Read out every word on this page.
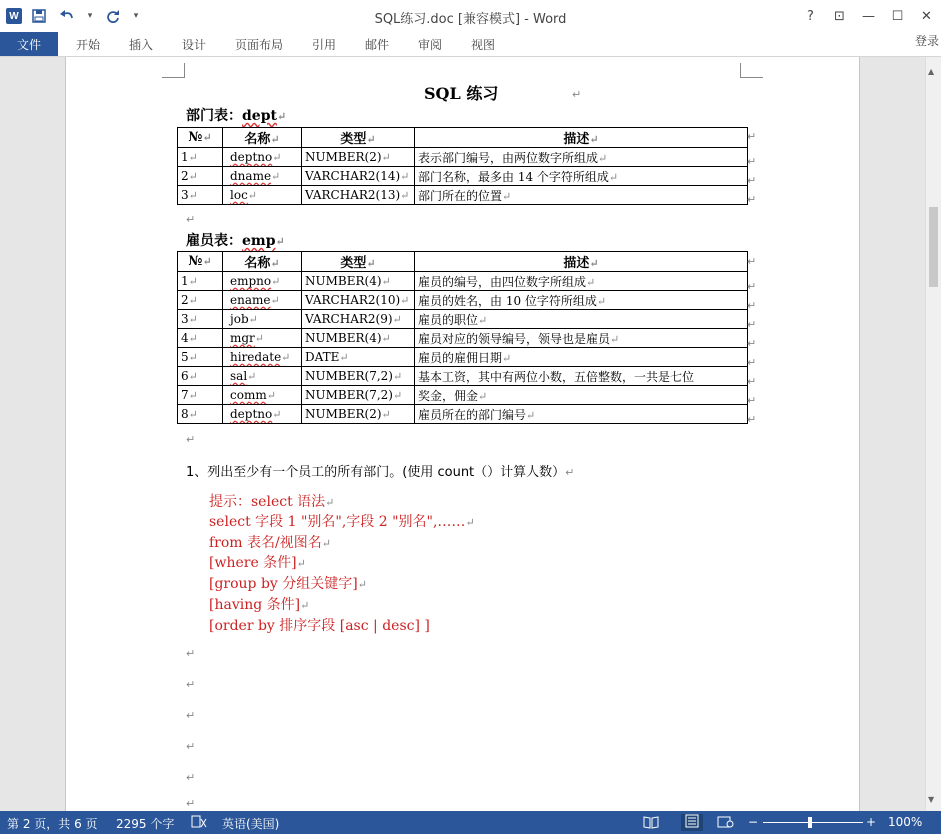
W	▾	▾	SQL练习.doc [兼容模式] - Word	?	⊡	—	☐	✕
文件	开始 插入 设计 页面布局 引用 邮件 审阅 视图	登录
▲
▼
SQL 练习	↵
部门表：dept↵
№↵	名称↵	类型↵	描述↵
1↵	deptno↵	NUMBER(2)↵	表示部门编号，由两位数字所组成↵
2↵	dname↵	VARCHAR2(14)↵	部门名称，最多由 14 个字符所组成↵
3↵	loc↵	VARCHAR2(13)↵	部门所在的位置↵
↵
↵
↵
↵
↵
雇员表：emp↵
№↵	名称↵	类型↵	描述↵
1↵	empno↵	NUMBER(4)↵	雇员的编号，由四位数字所组成↵
2↵	ename↵	VARCHAR2(10)↵	雇员的姓名，由 10 位字符所组成↵
3↵	job↵	VARCHAR2(9)↵	雇员的职位↵
4↵	mgr↵	NUMBER(4)↵	雇员对应的领导编号，领导也是雇员↵
5↵	hiredate↵	DATE↵	雇员的雇佣日期↵
6↵	sal↵	NUMBER(7,2)↵	基本工资，其中有两位小数，五倍整数，一共是七位
7↵	comm↵	NUMBER(7,2)↵	奖金，佣金↵
8↵	deptno↵	NUMBER(2)↵	雇员所在的部门编号↵
↵
↵
↵
↵
↵
↵
↵
↵
↵
↵
1、列出至少有一个员工的所有部门。(使用 count（）计算人数）↵
提示：select 语法↵
select 字段 1 "别名",字段 2 "别名",……↵
from 表名/视图名↵
[where 条件]↵
[group by 分组关键字]↵
[having 条件]↵
[order by 排序字段 [asc | desc] ]
↵
↵
↵
↵
↵
↵
第 2 页，共 6 页 2295 个字	英语(美国)	−	+ 100%
